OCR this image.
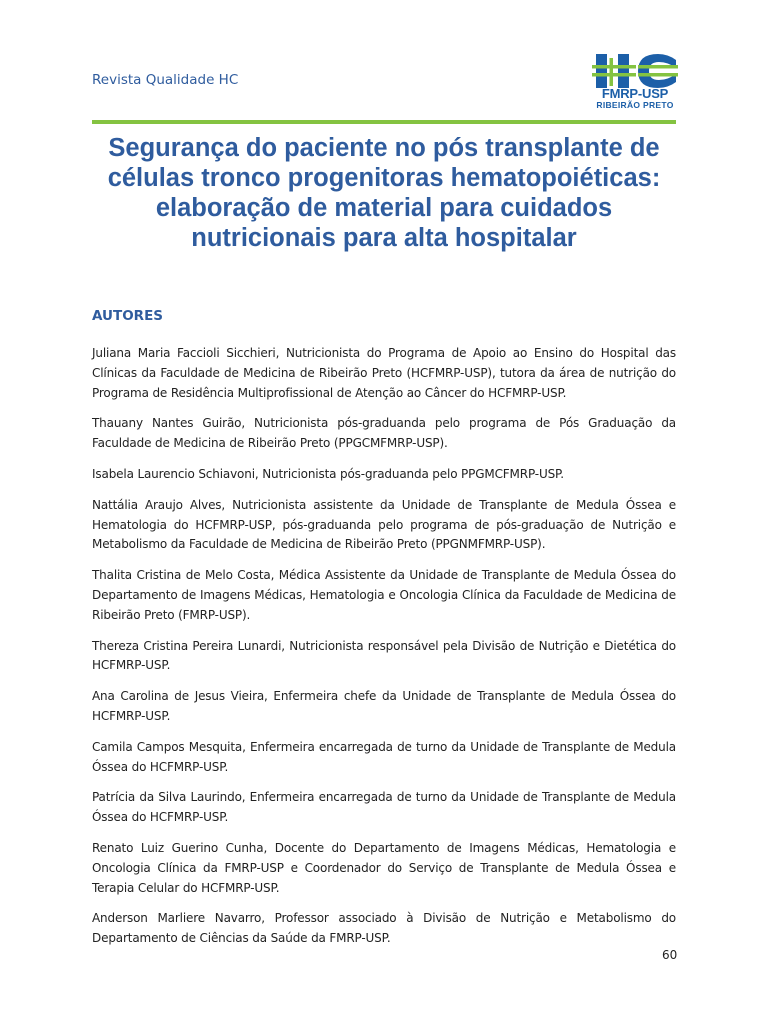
Revista Qualidade HC
FMRP-USP
RIBEIRÃO PRETO
Segurança do paciente no pós transplante de células tronco progenitoras hematopoiéticas: elaboração de material para cuidados nutricionais para alta hospitalar
AUTORES

Juliana Maria Faccioli Sicchieri, Nutricionista do Programa de Apoio ao Ensino do Hospital das Clínicas da Faculdade de Medicina de Ribeirão Preto (HCFMRP-USP), tutora da área de nutrição do Programa de Residência Multiprofissional de Atenção ao Câncer do HCFMRP-USP.

Thauany Nantes Guirão, Nutricionista pós-graduanda pelo programa de Pós Graduação da Faculdade de Medicina de Ribeirão Preto (PPGCMFMRP-USP).

Isabela Laurencio Schiavoni, Nutricionista pós-graduanda pelo PPGMCFMRP-USP.

Nattália Araujo Alves, Nutricionista assistente da Unidade de Transplante de Medula Óssea e Hematologia do HCFMRP-USP, pós-graduanda pelo programa de pós-graduação de Nutrição e Metabolismo da Faculdade de Medicina de Ribeirão Preto (PPGNMFMRP-USP).

Thalita Cristina de Melo Costa, Médica Assistente da Unidade de Transplante de Medula Óssea do Departamento de Imagens Médicas, Hematologia e Oncologia Clínica da Faculdade de Medicina de Ribeirão Preto (FMRP-USP).

Thereza Cristina Pereira Lunardi, Nutricionista responsável pela Divisão de Nutrição e Dietética do HCFMRP-USP.

Ana Carolina de Jesus Vieira, Enfermeira chefe da Unidade de Transplante de Medula Óssea do HCFMRP-USP.

Camila Campos Mesquita, Enfermeira encarregada de turno da Unidade de Transplante de Medula Óssea do HCFMRP-USP.

Patrícia da Silva Laurindo, Enfermeira encarregada de turno da Unidade de Transplante de Medula Óssea do HCFMRP-USP.

Renato Luiz Guerino Cunha, Docente do Departamento de Imagens Médicas, Hematologia e Oncologia Clínica da FMRP-USP e Coordenador do Serviço de Transplante de Medula Óssea e Terapia Celular do HCFMRP-USP.

Anderson Marliere Navarro, Professor associado à Divisão de Nutrição e Metabolismo do Departamento de Ciências da Saúde da FMRP-USP.

60
